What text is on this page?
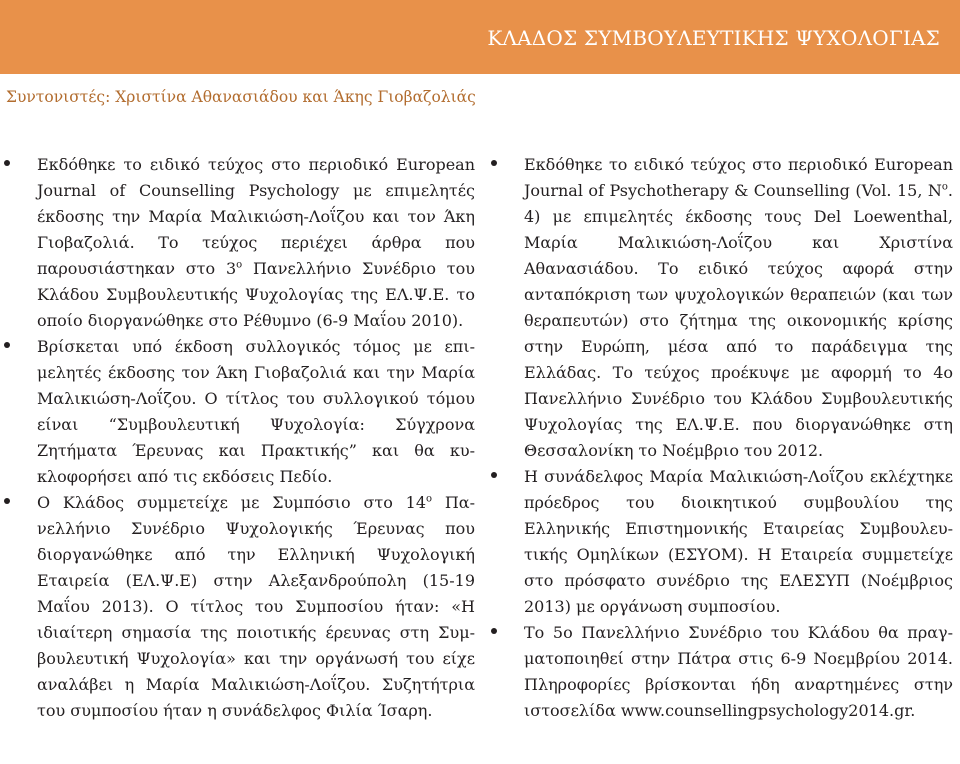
ΚΛΑΔΟΣ ΣΥΜΒΟΥΛΕΥΤΙΚΗΣ ΨΥΧΟΛΟΓΙΑΣ
Συντονιστές: Χριστίνα Αθανασιάδου και Άκης Γιοβαζολιάς
Εκδόθηκε το ειδικό τεύχος στο περιοδικό European Journal of Counselling Psychology με επιμελητές έκδοσης την Μαρία Μαλικιώση-Λοΐζου και τον Άκη Γιοβαζολιά. Το τεύχος περιέχει άρθρα που παρουσιάστηκαν στο $3^o$ Πανελλήνιο Συνέδριο του Κλάδου Συμβουλευτικής Ψυχολογίας της ΕΛ.Ψ.Ε. το οποίο διοργανώθηκε στο Ρέθυμνο (6-9 Μαΐου 2010).
Βρίσκεται υπό έκδοση συλλογικός τόμος με επιμελητές έκδοσης τον Άκη Γιοβαζολιά και την Μαρία Μαλικιώση-Λοΐζου. Ο τίτλος του συλλογικού τόμου είναι “Συμβουλευτική Ψυχολογία: Σύγχρονα Ζητήματα Έρευνας και Πρακτικής” και θα κυκλοφορήσει από τις εκδόσεις Πεδίο.
Ο Κλάδος συμμετείχε με Συμπόσιο στο $14^o$ Πανελλήνιο Συνέδριο Ψυχολογικής Έρευνας που διοργανώθηκε από την Ελληνική Ψυχολογική Εταιρεία (ΕΛ.Ψ.Ε) στην Αλεξανδρούπολη (15-19 Μαΐου 2013). Ο τίτλος του Συμποσίου ήταν: «Η ιδιαίτερη σημασία της ποιοτικής έρευνας στη Συμβουλευτική Ψυχολογία» και την οργάνωσή του είχε αναλάβει η Μαρία Μαλικιώση-Λοΐζου. Συζητήτρια του συμποσίου ήταν η συνάδελφος Φιλία Ίσαρη.
Εκδόθηκε το ειδικό τεύχος στο περιοδικό European Journal of Psychotherapy & Counselling (Vol. 15, $N^o$. 4) με επιμελητές έκδοσης τους Del Loewenthal, Μαρία Μαλικιώση-Λοΐζου και Χριστίνα Αθανασιάδου. Το ειδικό τεύχος αφορά στην ανταπόκριση των ψυχολογικών θεραπειών (και των θεραπευτών) στο ζήτημα της οικονομικής κρίσης στην Ευρώπη, μέσα από το παράδειγμα της Ελλάδας. Το τεύχος προέκυψε με αφορμή το 4ο Πανελλήνιο Συνέδριο του Κλάδου Συμβουλευτικής Ψυχολογίας της ΕΛ.Ψ.Ε. που διοργανώθηκε στη Θεσσαλονίκη το Νοέμβριο του 2012.
Η συνάδελφος Μαρία Μαλικιώση-Λοΐζου εκλέχτηκε πρόεδρος του διοικητικού συμβουλίου της Ελληνικής Επιστημονικής Εταιρείας Συμβουλευτικής Ομηλίκων (ΕΣΥΟΜ). Η Εταιρεία συμμετείχε στο πρόσφατο συνέδριο της ΕΛΕΣΥΠ (Νοέμβριος 2013) με οργάνωση συμποσίου.
Το 5ο Πανελλήνιο Συνέδριο του Κλάδου θα πραγματοποιηθεί στην Πάτρα στις 6-9 Νοεμβρίου 2014. Πληροφορίες βρίσκονται ήδη αναρτημένες στην ιστοσελίδα www.counsellingpsychology2014.gr.
